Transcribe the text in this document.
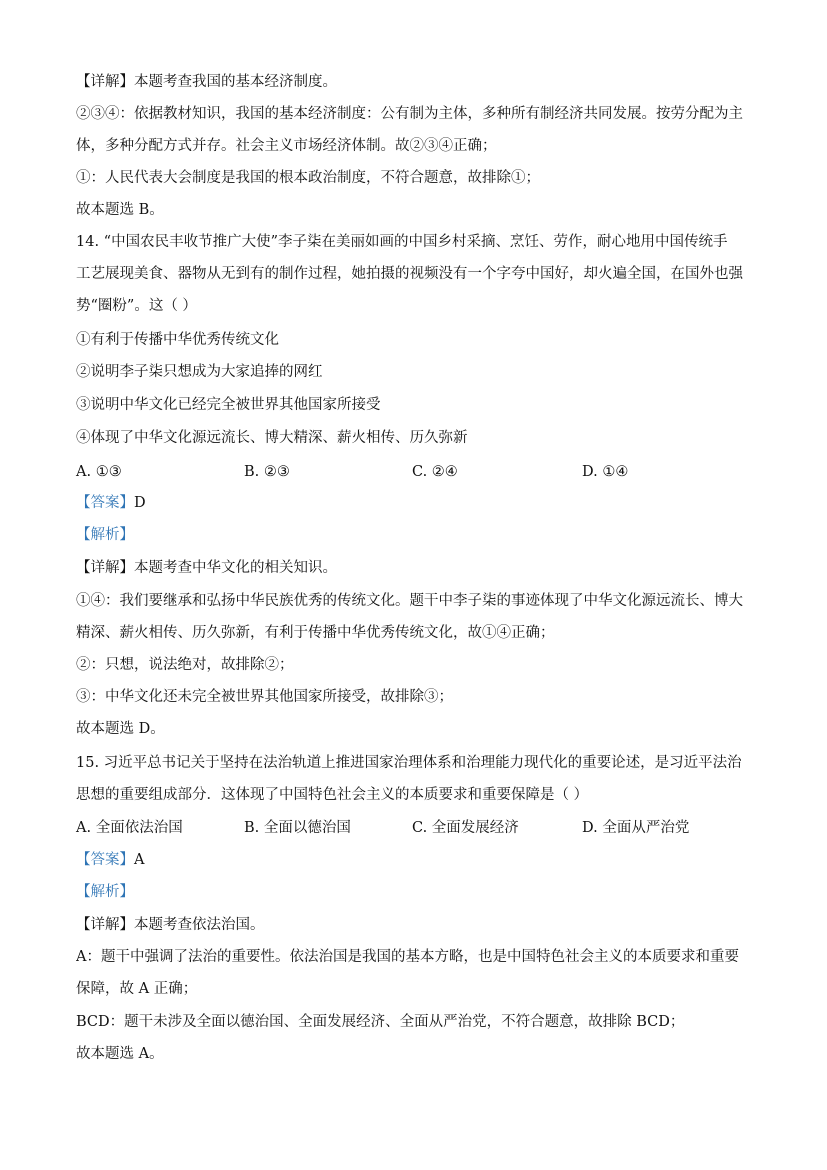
【详解】本题考查我国的基本经济制度。
②③④：依据教材知识，我国的基本经济制度：公有制为主体，多种所有制经济共同发展。按劳分配为主
体，多种分配方式并存。社会主义市场经济体制。故②③④正确；
①：人民代表大会制度是我国的根本政治制度，不符合题意，故排除①；
故本题选 B。
14. “中国农民丰收节推广大使”李子柒在美丽如画的中国乡村采摘、烹饪、劳作，耐心地用中国传统手
工艺展现美食、器物从无到有的制作过程，她拍摄的视频没有一个字夸中国好，却火遍全国，在国外也强
势“圈粉”。这（ ）
①有利于传播中华优秀传统文化
②说明李子柒只想成为大家追捧的网红
③说明中华文化已经完全被世界其他国家所接受
④体现了中华文化源远流长、博大精深、薪火相传、历久弥新
A. ①③	B. ②③	C. ②④	D. ①④
【答案】D
【解析】
【详解】本题考查中华文化的相关知识。
①④：我们要继承和弘扬中华民族优秀的传统文化。题干中李子柒的事迹体现了中华文化源远流长、博大
精深、薪火相传、历久弥新，有利于传播中华优秀传统文化，故①④正确；
②：只想，说法绝对，故排除②；
③：中华文化还未完全被世界其他国家所接受，故排除③；
故本题选 D。
15. 习近平总书记关于坚持在法治轨道上推进国家治理体系和治理能力现代化的重要论述，是习近平法治
思想的重要组成部分．这体现了中国特色社会主义的本质要求和重要保障是（ ）
A. 全面依法治国	B. 全面以德治国	C. 全面发展经济	D. 全面从严治党
【答案】A
【解析】
【详解】本题考查依法治国。
A：题干中强调了法治的重要性。依法治国是我国的基本方略，也是中国特色社会主义的本质要求和重要
保障，故 A 正确；
BCD：题干未涉及全面以德治国、全面发展经济、全面从严治党，不符合题意，故排除 BCD；
故本题选 A。
